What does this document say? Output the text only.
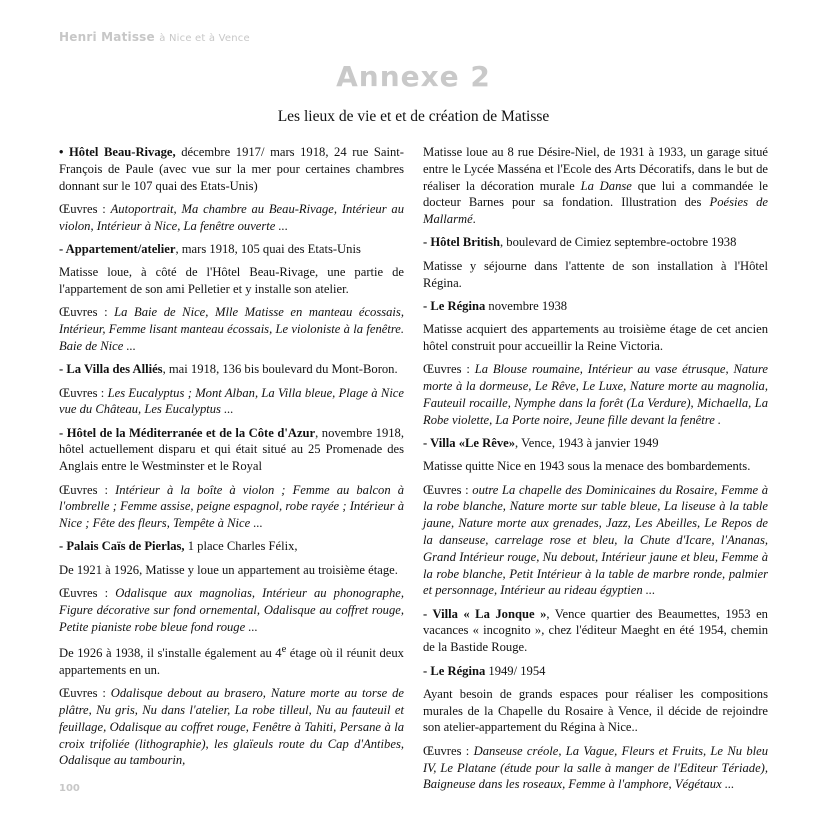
Henri Matisse à Nice et à Vence
Annexe 2
Les lieux de vie et et de création de Matisse

• Hôtel Beau-Rivage, décembre 1917/ mars 1918, 24 rue Saint-François de Paule (avec vue sur la mer pour certaines chambres donnant sur le 107 quai des Etats-Unis)

Œuvres : Autoportrait, Ma chambre au Beau-Rivage, Intérieur au violon, Intérieur à Nice, La fenêtre ouverte ...

- Appartement/atelier, mars 1918, 105 quai des Etats-Unis

Matisse loue, à côté de l'Hôtel Beau-Rivage, une partie de l'appartement de son ami Pelletier et y installe son atelier.

Œuvres : La Baie de Nice, Mlle Matisse en manteau écossais, Intérieur, Femme lisant manteau écossais, Le violoniste à la fenêtre. Baie de Nice ...

- La Villa des Alliés, mai 1918, 136 bis boulevard du Mont-Boron.

Œuvres : Les Eucalyptus ; Mont Alban, La Villa bleue, Plage à Nice vue du Château, Les Eucalyptus ...

- Hôtel de la Méditerranée et de la Côte d'Azur, novembre 1918, hôtel actuellement disparu et qui était situé au 25 Promenade des Anglais entre le Westminster et le Royal

Œuvres : Intérieur à la boîte à violon ; Femme au balcon à l'ombrelle ; Femme assise, peigne espagnol, robe rayée ; Intérieur à Nice ; Fête des fleurs, Tempête à Nice ...

- Palais Caïs de Pierlas, 1 place Charles Félix,

De 1921 à 1926, Matisse y loue un appartement au troisième étage.

Œuvres : Odalisque aux magnolias, Intérieur au phonographe, Figure décorative sur fond ornemental, Odalisque au coffret rouge, Petite pianiste robe bleue fond rouge ...

De 1926 à 1938, il s'installe également au 4e étage où il réunit deux appartements en un.

Œuvres : Odalisque debout au brasero, Nature morte au torse de plâtre, Nu gris, Nu dans l'atelier, La robe tilleul, Nu au fauteuil et feuillage, Odalisque au coffret rouge, Fenêtre à Tahiti, Persane à la croix trifoliée (lithographie), les glaïeuls route du Cap d'Antibes, Odalisque au tambourin,

Matisse loue au 8 rue Désire-Niel, de 1931 à 1933, un garage situé entre le Lycée Masséna et l'Ecole des Arts Décoratifs, dans le but de réaliser la décoration murale La Danse que lui a commandée le docteur Barnes pour sa fondation. Illustration des Poésies de Mallarmé.

- Hôtel British, boulevard de Cimiez septembre-octobre 1938

Matisse y séjourne dans l'attente de son installation à l'Hôtel Régina.

- Le Régina novembre 1938

Matisse acquiert des appartements au troisième étage de cet ancien hôtel construit pour accueillir la Reine Victoria.

Œuvres : La Blouse roumaine, Intérieur au vase étrusque, Nature morte à la dormeuse, Le Rêve, Le Luxe, Nature morte au magnolia, Fauteuil rocaille, Nymphe dans la forêt (La Verdure), Michaella, La Robe violette, La Porte noire, Jeune fille devant la fenêtre .

- Villa «Le Rêve», Vence, 1943 à janvier 1949

Matisse quitte Nice en 1943 sous la menace des bombardements.

Œuvres : outre La chapelle des Dominicaines du Rosaire, Femme à la robe blanche, Nature morte sur table bleue, La liseuse à la table jaune, Nature morte aux grenades, Jazz, Les Abeilles, Le Repos de la danseuse, carrelage rose et bleu, la Chute d'Icare, l'Ananas, Grand Intérieur rouge, Nu debout, Intérieur jaune et bleu, Femme à la robe blanche, Petit Intérieur à la table de marbre ronde, palmier et personnage, Intérieur au rideau égyptien ...

- Villa « La Jonque », Vence quartier des Beaumettes, 1953 en vacances « incognito », chez l'éditeur Maeght en été 1954, chemin de la Bastide Rouge.

- Le Régina 1949/ 1954

Ayant besoin de grands espaces pour réaliser les compositions murales de la Chapelle du Rosaire à Vence, il décide de rejoindre son atelier-appartement du Régina à Nice..

Œuvres : Danseuse créole, La Vague, Fleurs et Fruits, Le Nu bleu IV, Le Platane (étude pour la salle à manger de l'Editeur Tériade), Baigneuse dans les roseaux, Femme à l'amphore, Végétaux ...

100
